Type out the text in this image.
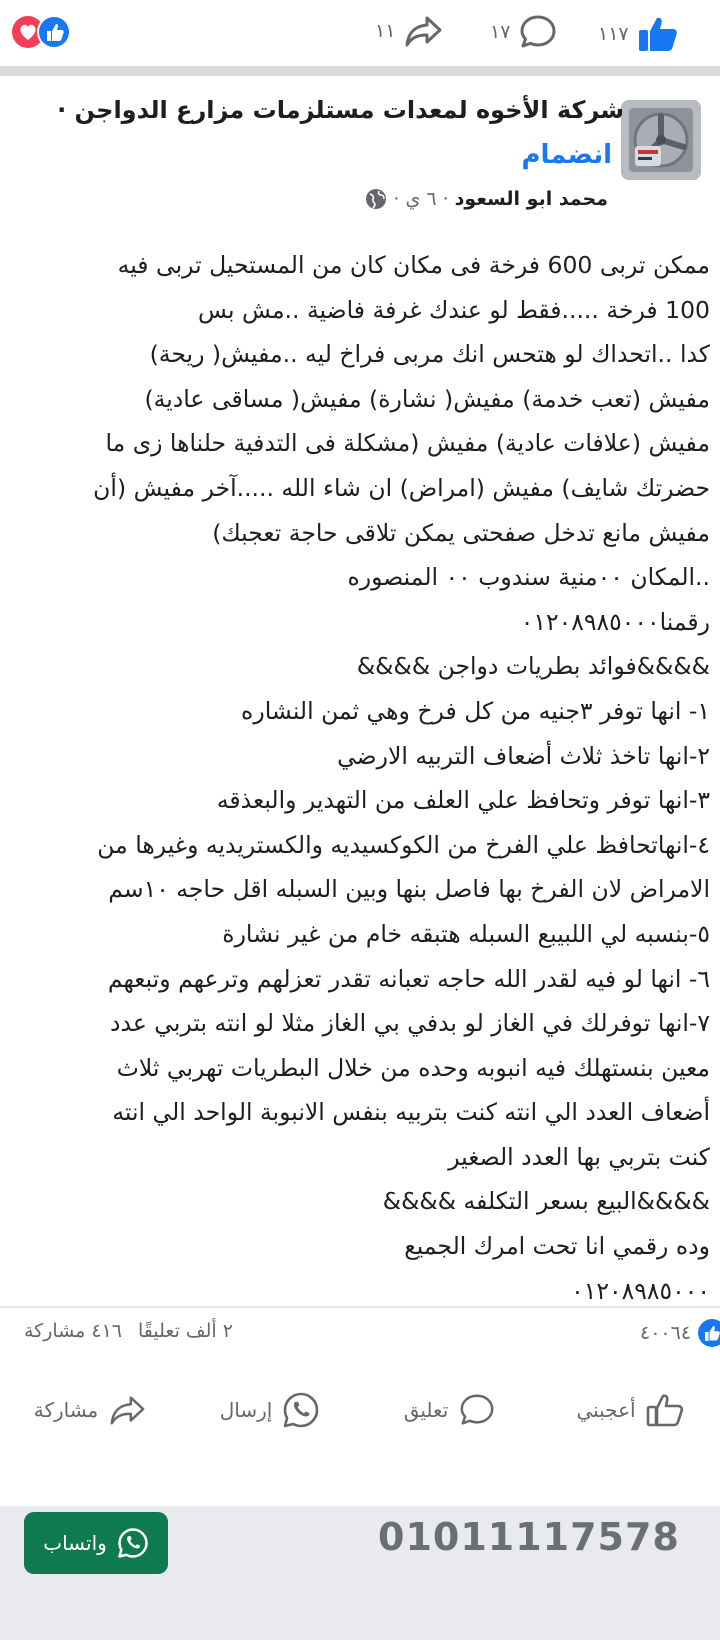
١١	١٧	١١٧
شركة الأخوه لمعدات مستلزمات مزارع الدواجن ·
انضمام
محمد ابو السعود
· ٦ ي ·
ممكن تربى 600 فرخة فى مكان كان من المستحيل تربى فيه
100 فرخة .....فقط لو عندك غرفة فاضية ..مش بس
كدا ..اتحداك لو هتحس انك مربى فراخ ليه ..مفيش( ريحة)
مفيش (تعب خدمة) مفيش( نشارة) مفيش( مساقى عادية)
مفيش (علافات عادية) مفيش (مشكلة فى التدفية حلناها زى ما
حضرتك شايف) مفيش (امراض) ان شاء الله .....آخر مفيش (أن
مفيش مانع تدخل صفحتى يمكن تلاقى حاجة تعجبك)
..المكان ٠٠منية سندوب ٠٠ المنصوره
رقمنا٠١٢٠٨٩٨٥٠٠٠
&&&&فوائد بطريات دواجن &&&&
١- انها توفر ٣جنيه من كل فرخ وهي ثمن النشاره
٢-انها تاخذ ثلاث أضعاف التربيه الارضي
٣-انها توفر وتحافظ علي العلف من التهدير والبعذقه
٤-انهاتحافظ علي الفرخ من الكوكسيديه والكستريديه وغيرها من
الامراض لان الفرخ بها فاصل بنها وبين السبله اقل حاجه ١٠سم
٥-بنسبه لي اللبيبع السبله هتبقه خام من غير نشارة
٦- انها لو فيه لقدر الله حاجه تعبانه تقدر تعزلهم وترعهم وتبعهم
٧-انها توفرلك في الغاز لو بدفي بي الغاز مثلا لو انته بتربي عدد
معين بنستهلك فيه انبوبه وحده من خلال البطريات تهربي ثلاث
أضعاف العدد الي انته كنت بتربيه بنفس الانبوبة الواحد الي انته
كنت بتربي بها العدد الصغير
&&&&البيع بسعر التكلفه &&&&
وده رقمي انا تحت امرك الجميع
٠١٢٠٨٩٨٥٠٠٠
٤٠٠٦٤
٢ ألف تعليقًا
٤١٦ مشاركة
أعجبني
تعليق
إرسال
مشاركة
واتساب	01011117578
